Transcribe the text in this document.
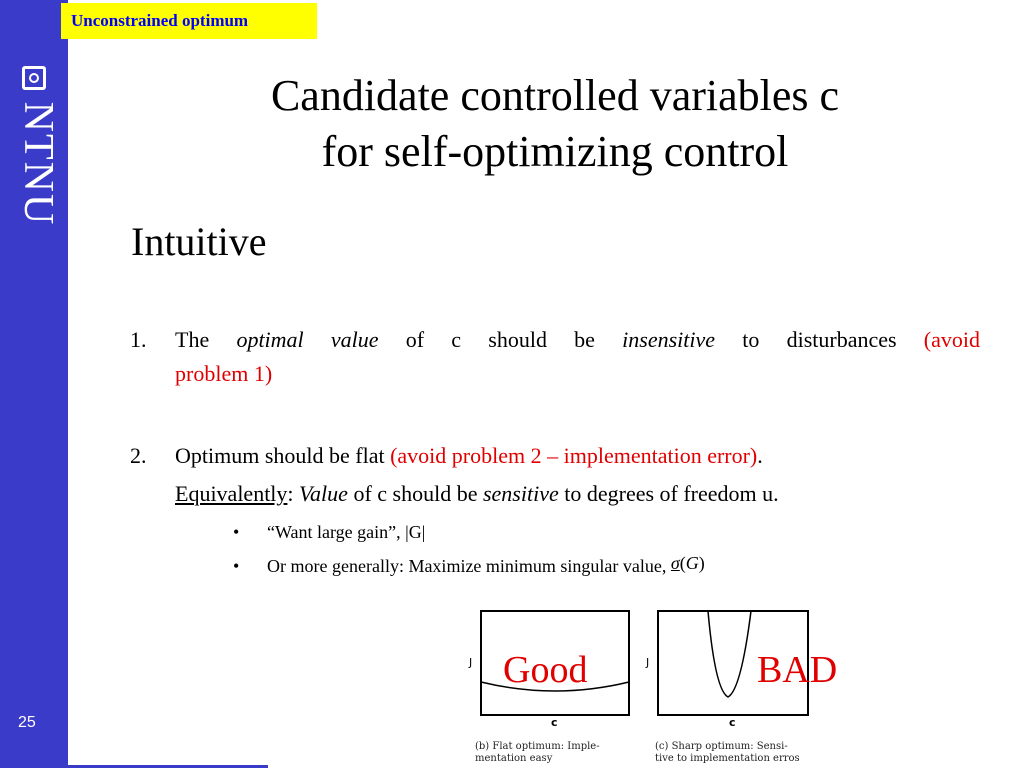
NTNU
25
Unconstrained optimum
Candidate controlled variables c
for self-optimizing control
Intuitive
1. The optimal value of c should be insensitive to disturbances (avoid
problem 1)
2. Optimum should be flat (avoid problem 2 – implementation error).
Equivalently: Value of c should be sensitive to degrees of freedom u.
• “Want large gain”, |G|
• Or more generally: Maximize minimum singular value, σ(G)
J
c
J
c
(b) Flat optimum: Imple-
mentation easy
(c) Sharp optimum: Sensi-
tive to implementation erros
Good	BAD
